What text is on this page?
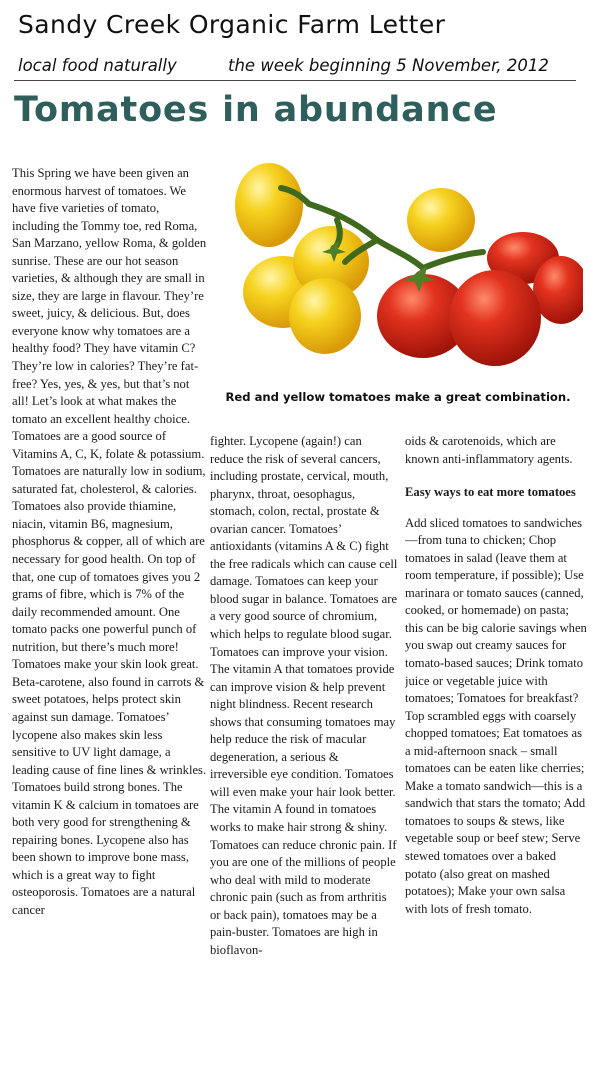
Sandy Creek Organic Farm Letter
local food naturally	the week beginning 5 November, 2012
Tomatoes in abundance
Red and yellow tomatoes make a great combination.

This Spring we have been given an enormous harvest of tomatoes. We have five varieties of tomato, including the Tommy toe, red Roma, San Marzano, yellow Roma, & golden sunrise. These are our hot season varieties, & although they are small in size, they are large in flavour. They’re sweet, juicy, & delicious. But, does everyone know why tomatoes are a healthy food? They have vitamin C? They’re low in calories? They’re fat-free? Yes, yes, & yes, but that’s not all! Let’s look at what makes the tomato an excellent healthy choice. Tomatoes are a good source of Vitamins A, C, K, folate & potassium. Tomatoes are naturally low in sodium, saturated fat, cholesterol, & calories. Tomatoes also provide thiamine, niacin, vitamin B6, magnesium, phosphorus & copper, all of which are necessary for good health. On top of that, one cup of tomatoes gives you 2 grams of fibre, which is 7% of the daily recommended amount. One tomato packs one powerful punch of nutrition, but there’s much more! Tomatoes make your skin look great. Beta-carotene, also found in carrots & sweet potatoes, helps protect skin against sun damage. Tomatoes’ lycopene also makes skin less sensitive to UV light damage, a leading cause of fine lines & wrinkles. Tomatoes build strong bones. The vitamin K & calcium in tomatoes are both very good for strengthening & repairing bones. Lycopene also has been shown to improve bone mass, which is a great way to fight osteoporosis. Tomatoes are a natural cancer

fighter. Lycopene (again!) can reduce the risk of several cancers, including prostate, cervical, mouth, pharynx, throat, oesophagus, stomach, colon, rectal, prostate & ovarian cancer. Tomatoes’ antioxidants (vitamins A & C) fight the free radicals which can cause cell damage. Tomatoes can keep your blood sugar in balance. Tomatoes are a very good source of chromium, which helps to regulate blood sugar. Tomatoes can improve your vision. The vitamin A that tomatoes provide can improve vision & help prevent night blindness. Recent research shows that consuming tomatoes may help reduce the risk of macular degeneration, a serious & irreversible eye condition. Tomatoes will even make your hair look better. The vitamin A found in tomatoes works to make hair strong & shiny. Tomatoes can reduce chronic pain. If you are one of the millions of people who deal with mild to moderate chronic pain (such as from arthritis or back pain), tomatoes may be a pain-buster. Tomatoes are high in bioflavon-

oids & carotenoids, which are known anti-inflammatory agents.

Easy ways to eat more tomatoes

Add sliced tomatoes to sandwiches—from tuna to chicken; Chop tomatoes in salad (leave them at room temperature, if possible); Use marinara or tomato sauces (canned, cooked, or homemade) on pasta; this can be big calorie savings when you swap out creamy sauces for tomato-based sauces; Drink tomato juice or vegetable juice with tomatoes; Tomatoes for breakfast? Top scrambled eggs with coarsely chopped tomatoes; Eat tomatoes as a mid-afternoon snack – small tomatoes can be eaten like cherries; Make a tomato sandwich—this is a sandwich that stars the tomato; Add tomatoes to soups & stews, like vegetable soup or beef stew; Serve stewed tomatoes over a baked potato (also great on mashed potatoes); Make your own salsa with lots of fresh tomato.
